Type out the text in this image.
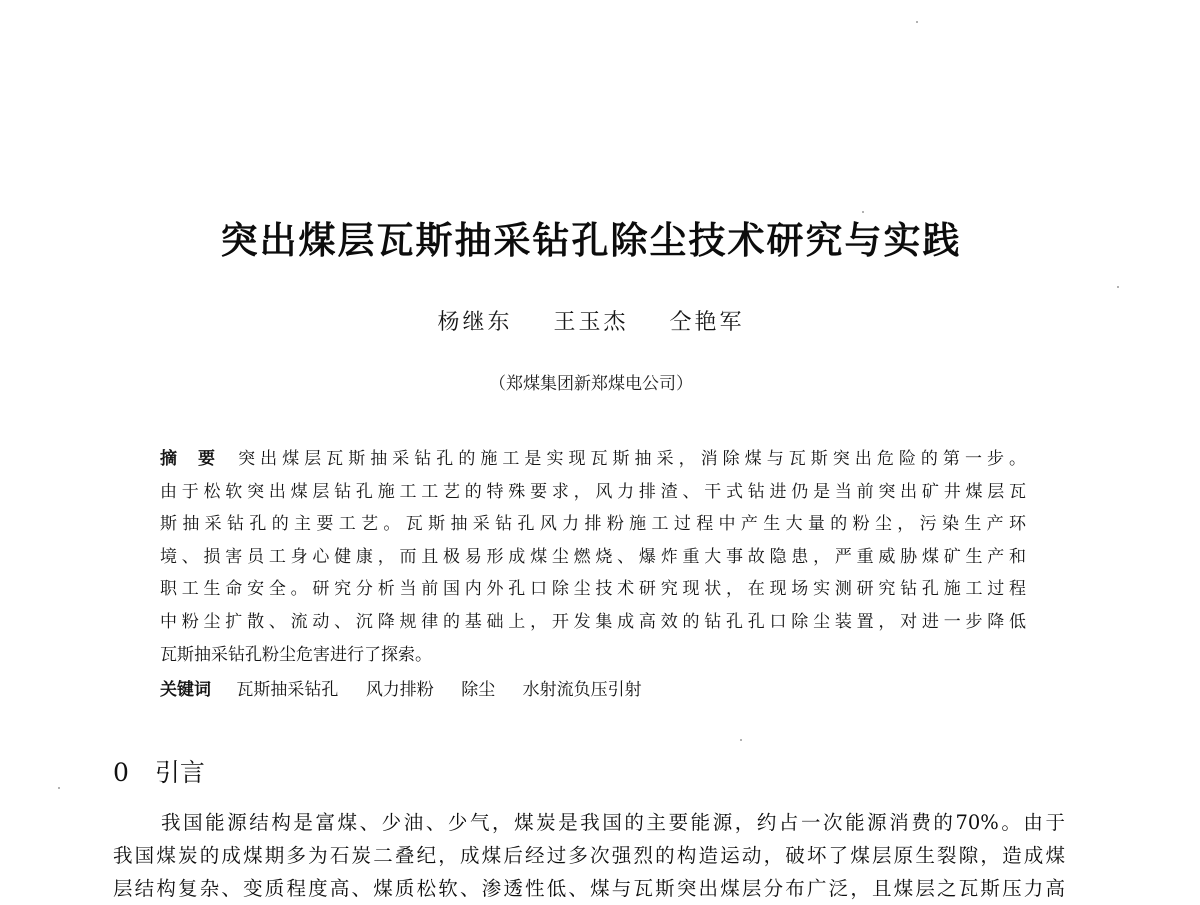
突出煤层瓦斯抽采钻孔除尘技术研究与实践
杨继东 王玉杰 仝艳军
（郑煤集团新郑煤电公司）
摘要 突出煤层瓦斯抽采钻孔的施工是实现瓦斯抽采，消除煤与瓦斯突出危险的第一步。
由于松软突出煤层钻孔施工工艺的特殊要求，风力排渣、干式钻进仍是当前突出矿井煤层瓦
斯抽采钻孔的主要工艺。瓦斯抽采钻孔风力排粉施工过程中产生大量的粉尘，污染生产环
境、损害员工身心健康，而且极易形成煤尘燃烧、爆炸重大事故隐患，严重威胁煤矿生产和
职工生命安全。研究分析当前国内外孔口除尘技术研究现状，在现场实测研究钻孔施工过程
中粉尘扩散、流动、沉降规律的基础上，开发集成高效的钻孔孔口除尘装置，对进一步降低
瓦斯抽采钻孔粉尘危害进行了探索。
关键词 瓦斯抽采钻孔 风力排粉 除尘 水射流负压引射
0 引言
我国能源结构是富煤、少油、少气，煤炭是我国的主要能源，约占一次能源消费的70%。由于
我国煤炭的成煤期多为石炭二叠纪，成煤后经过多次强烈的构造运动，破坏了煤层原生裂隙，造成煤
层结构复杂、变质程度高、煤质松软、渗透性低、煤与瓦斯突出煤层分布广泛，且煤层之瓦斯压力高
